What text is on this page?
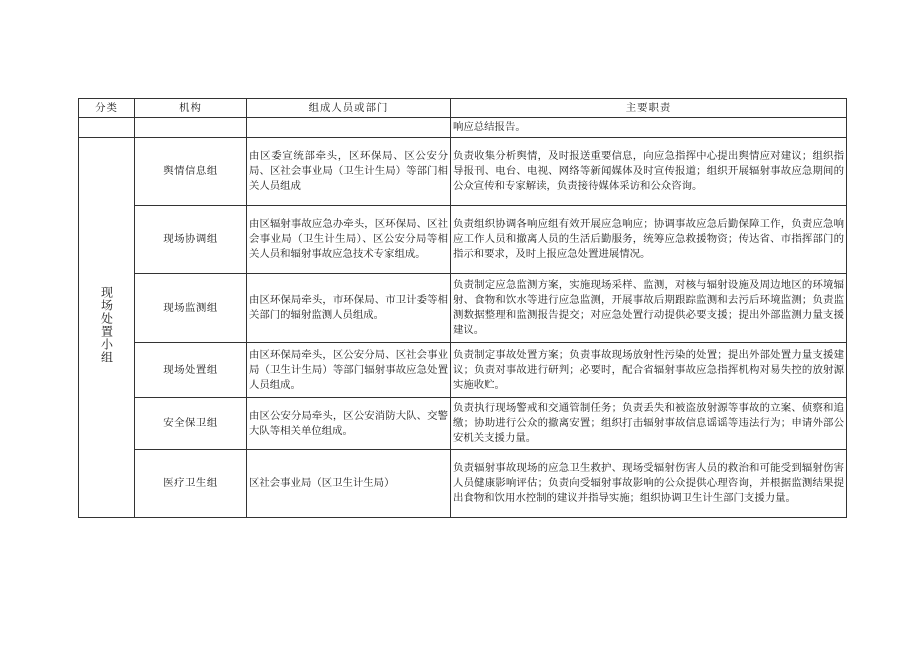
分类	机构	组成人员或部门	主要职责
			响应总结报告。
现场处置小组	舆情信息组	由区委宣统部牵头，区环保局、区公安分局、区社会事业局（卫生计生局）等部门相关人员组成	负责收集分析舆情，及时报送重要信息，向应急指挥中心提出舆情应对建议；组织指导报刊、电台、电视、网络等新闻媒体及时宣传报道；组织开展辐射事故应急期间的公众宣传和专家解读，负责接待媒体采访和公众咨询。
	现场协调组	由区辐射事故应急办牵头，区环保局、区社会事业局（卫生计生局）、区公安分局等相关人员和辐射事故应急技术专家组成。	负责组织协调各响应组有效开展应急响应；协调事故应急后勤保障工作，负责应急响应工作人员和撤离人员的生活后勤服务，统筹应急救援物资；传达省、市指挥部门的指示和要求，及时上报应急处置进展情况。
	现场监测组	由区环保局牵头，市环保局、市卫计委等相关部门的辐射监测人员组成。	负责制定应急监测方案，实施现场采样、监测，对核与辐射设施及周边地区的环境辐射、食物和饮水等进行应急监测，开展事故后期跟踪监测和去污后环境监测；负责监测数据整理和监测报告提交；对应急处置行动提供必要支援；提出外部监测力量支援建议。
	现场处置组	由区环保局牵头，区公安分局、区社会事业局（卫生计生局）等部门辐射事故应急处置人员组成。	负责制定事故处置方案；负责事故现场放射性污染的处置；提出外部处置力量支援建议；负责对事故进行研判；必要时，配合省辐射事故应急指挥机构对易失控的放射源实施收贮。
	安全保卫组	由区公安分局牵头，区公安消防大队、交警大队等相关单位组成。	负责执行现场警戒和交通管制任务；负责丢失和被盗放射源等事故的立案、侦察和追缴；协助进行公众的撤离安置；组织打击辐射事故信息谣谣等违法行为；申请外部公安机关支援力量。
	医疗卫生组	区社会事业局（区卫生计生局）	负责辐射事故现场的应急卫生救护、现场受辐射伤害人员的救治和可能受到辐射伤害人员健康影响评估；负责向受辐射事故影响的公众提供心理咨询，并根据监测结果提出食物和饮用水控制的建议并指导实施；组织协调卫生计生部门支援力量。
